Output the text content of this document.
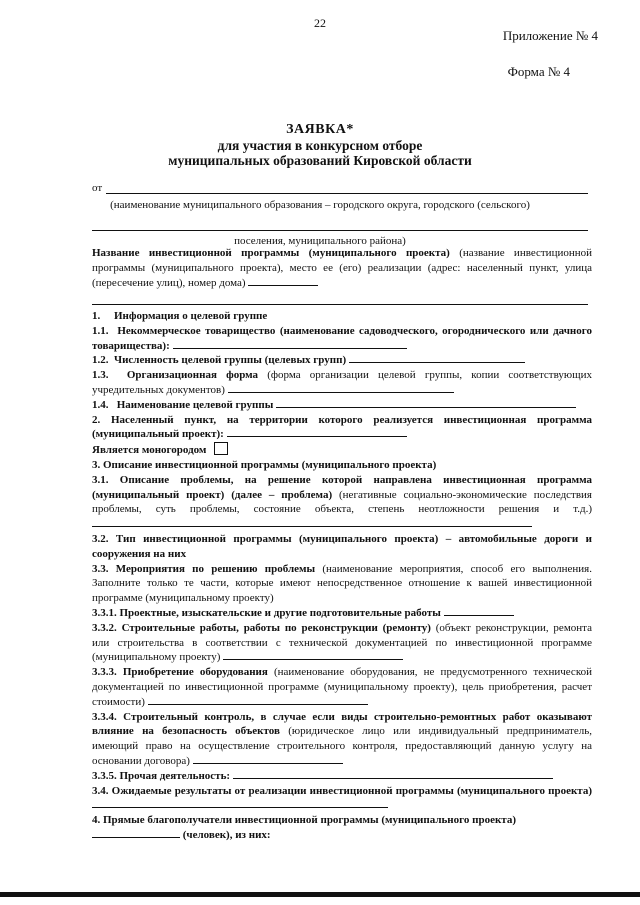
22
Приложение № 4
Форма № 4
ЗАЯВКА*
для участия в конкурсном отборе
муниципальных образований Кировской области
от
(наименование муниципального образования – городского округа, городского (сельского)
поселения, муниципального района)

Название инвестиционной программы (муниципального проекта) (название инвестиционной программы (муниципального проекта), место ее (его) реализации (адрес: населенный пункт, улица (пересечение улиц), номер дома)

1.     Информация о целевой группе

1.1.  Некоммерческое товарищество (наименование садоводческого, огороднического или дачного товарищества):

1.2.  Численность целевой группы (целевых групп)

1.3.  Организационная форма (форма организации целевой группы, копии соответствующих учредительных документов)

1.4.   Наименование целевой группы

2. Населенный пункт, на территории которого реализуется инвестиционная программа (муниципальный проект):

Является моногородом

3. Описание инвестиционной программы (муниципального проекта)

3.1. Описание проблемы, на решение которой направлена инвестиционная программа (муниципальный проект) (далее – проблема) (негативные социально-экономические последствия проблемы, суть проблемы, состояние объекта, степень неотложности решения и т.д.)

3.2. Тип инвестиционной программы (муниципального проекта) – автомобильные дороги и сооружения на них

3.3. Мероприятия по решению проблемы (наименование мероприятия, способ его выполнения. Заполните только те части, которые имеют непосредственное отношение к вашей инвестиционной программе (муниципальному проекту)

3.3.1. Проектные, изыскательские и другие подготовительные работы

3.3.2. Строительные работы, работы по реконструкции (ремонту) (объект реконструкции, ремонта или строительства в соответствии с технической документацией по инвестиционной программе (муниципальному проекту)

3.3.3. Приобретение оборудования (наименование оборудования, не предусмотренного технической документацией по инвестиционной программе (муниципальному проекту), цель приобретения, расчет стоимости)

3.3.4. Строительный контроль, в случае если виды строительно-ремонтных работ оказывают влияние на безопасность объектов (юридическое лицо или индивидуальный предприниматель, имеющий право на осуществление строительного контроля, предоставляющий данную услугу на основании договора)

3.3.5. Прочая деятельность:

3.4. Ожидаемые результаты от реализации инвестиционной программы (муниципального проекта)

4. Прямые благополучатели инвестиционной программы (муниципального проекта)

(человек), из них:
